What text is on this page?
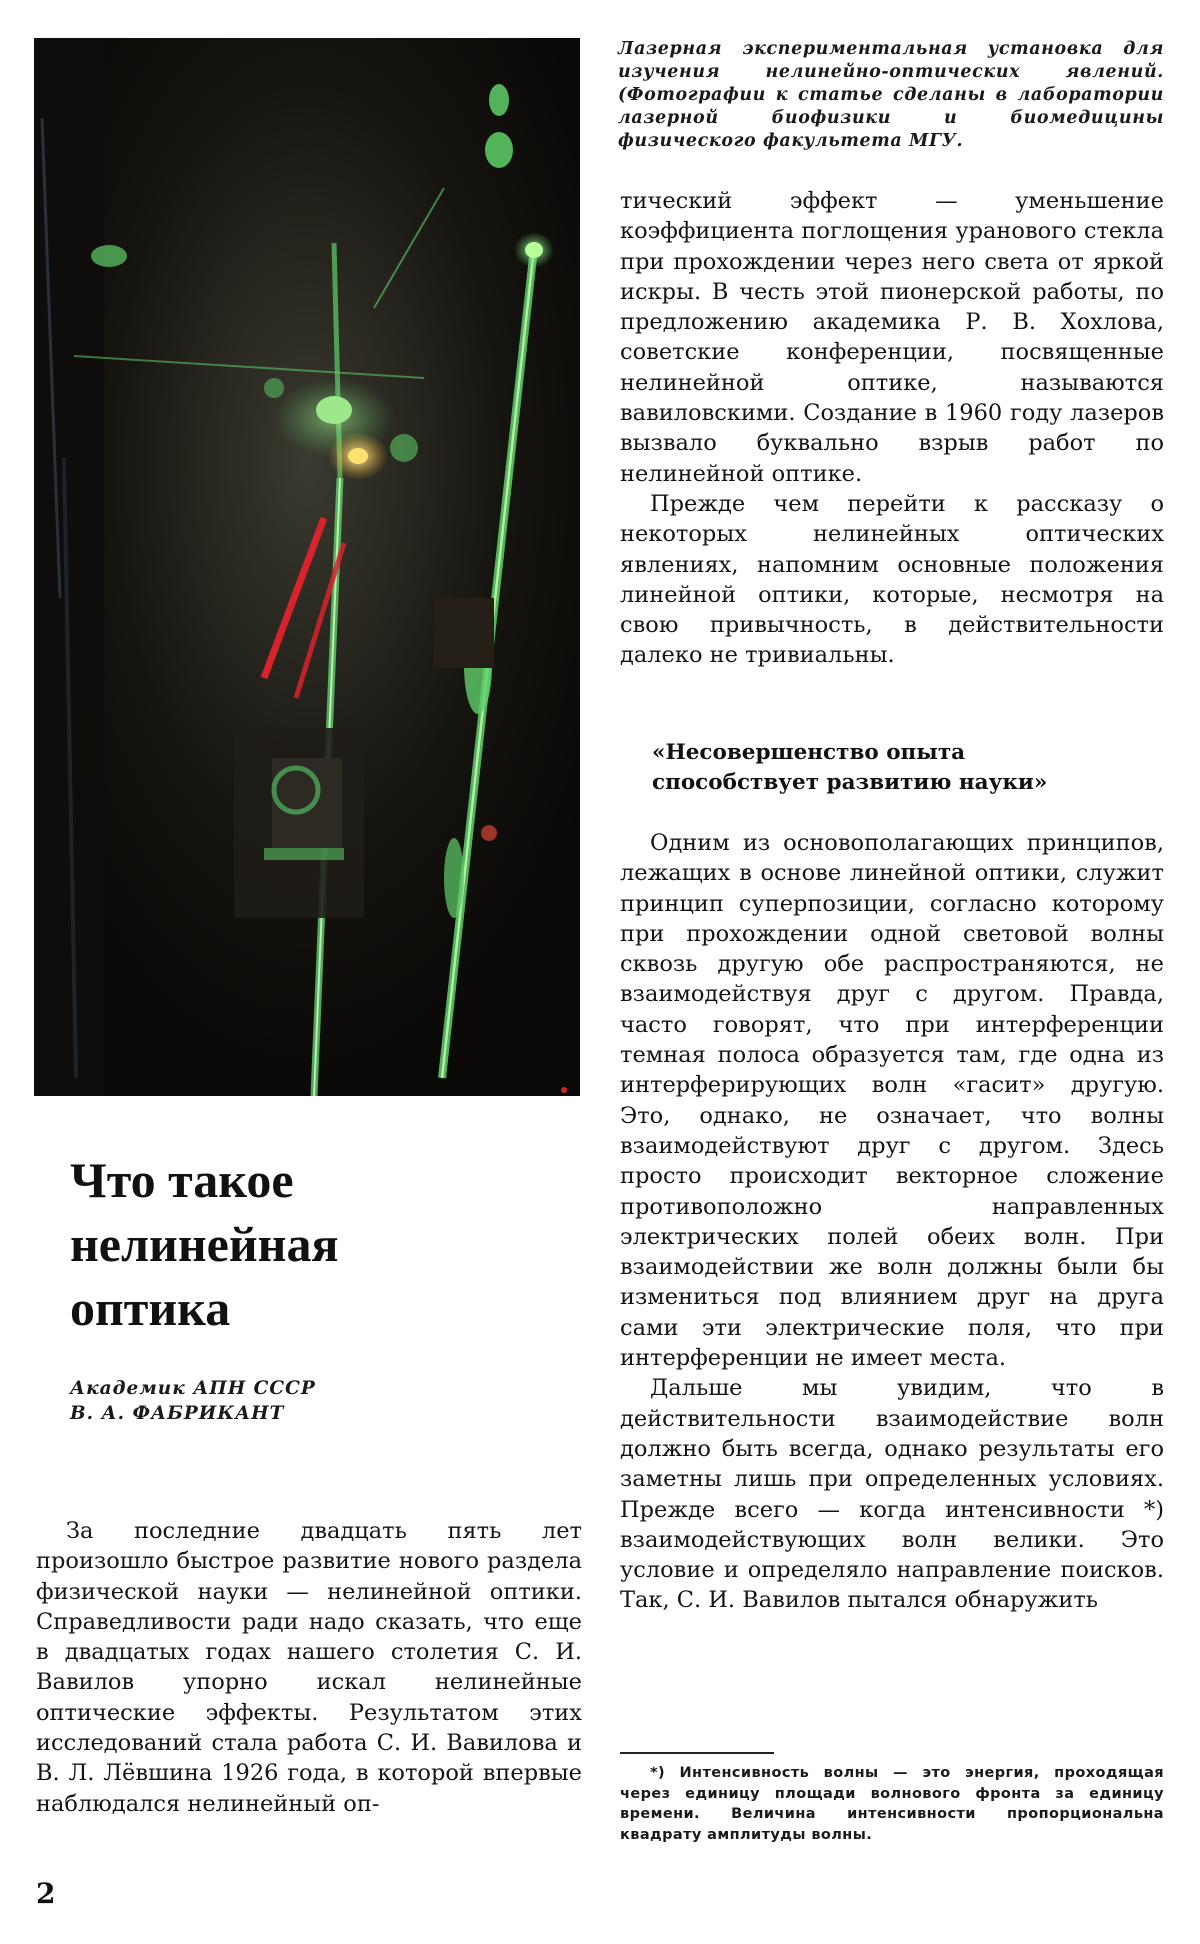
Лазерная экспериментальная установка для изучения нелинейно-оптических явлений. (Фотографии к статье сделаны в лаборатории лазерной биофизики и биомедицины физического факультета МГУ.

Что такое
нелинейная
оптика
Академик АПН СССР
В. А. ФАБРИКАНТ

За последние двадцать пять лет произошло быстрое развитие нового раздела физической науки — нелинейной оптики. Справедливости ради надо сказать, что еще в двадцатых годах нашего столетия С. И. Вавилов упорно искал нелинейные оптические эффекты. Результатом этих исследований стала работа С. И. Вавилова и В. Л. Лёвшина 1926 года, в которой впервые наблюдался нелинейный оп-

тический эффект — уменьшение коэффициента поглощения уранового стекла при прохождении через него света от яркой искры. В честь этой пионерской работы, по предложению академика Р. В. Хохлова, советские конференции, посвященные нелинейной оптике, называются вавиловскими. Создание в 1960 году лазеров вызвало буквально взрыв работ по нелинейной оптике.

Прежде чем перейти к рассказу о некоторых нелинейных оптических явлениях, напомним основные положения линейной оптики, которые, несмотря на свою привычность, в действительности далеко не тривиальны.

«Несовершенство опыта
способствует развитию науки»

Одним из основополагающих принципов, лежащих в основе линейной оптики, служит принцип суперпозиции, согласно которому при прохождении одной световой волны сквозь другую обе распространяются, не взаимодействуя друг с другом. Правда, часто говорят, что при интерференции темная полоса образуется там, где одна из интерферирующих волн «гасит» другую. Это, однако, не означает, что волны взаимодействуют друг с другом. Здесь просто происходит векторное сложение противоположно направленных электрических полей обеих волн. При взаимодействии же волн должны были бы измениться под влиянием друг на друга сами эти электрические поля, что при интерференции не имеет места.

Дальше мы увидим, что в действительности взаимодействие волн должно быть всегда, однако результаты его заметны лишь при определенных условиях. Прежде всего — когда интенсивности *) взаимодействующих волн велики. Это условие и определяло направление поисков. Так, С. И. Вавилов пытался обнаружить

*) Интенсивность волны — это энергия, проходящая через единицу площади волнового фронта за единицу времени. Величина интенсивности пропорциональна квадрату амплитуды волны.

2
